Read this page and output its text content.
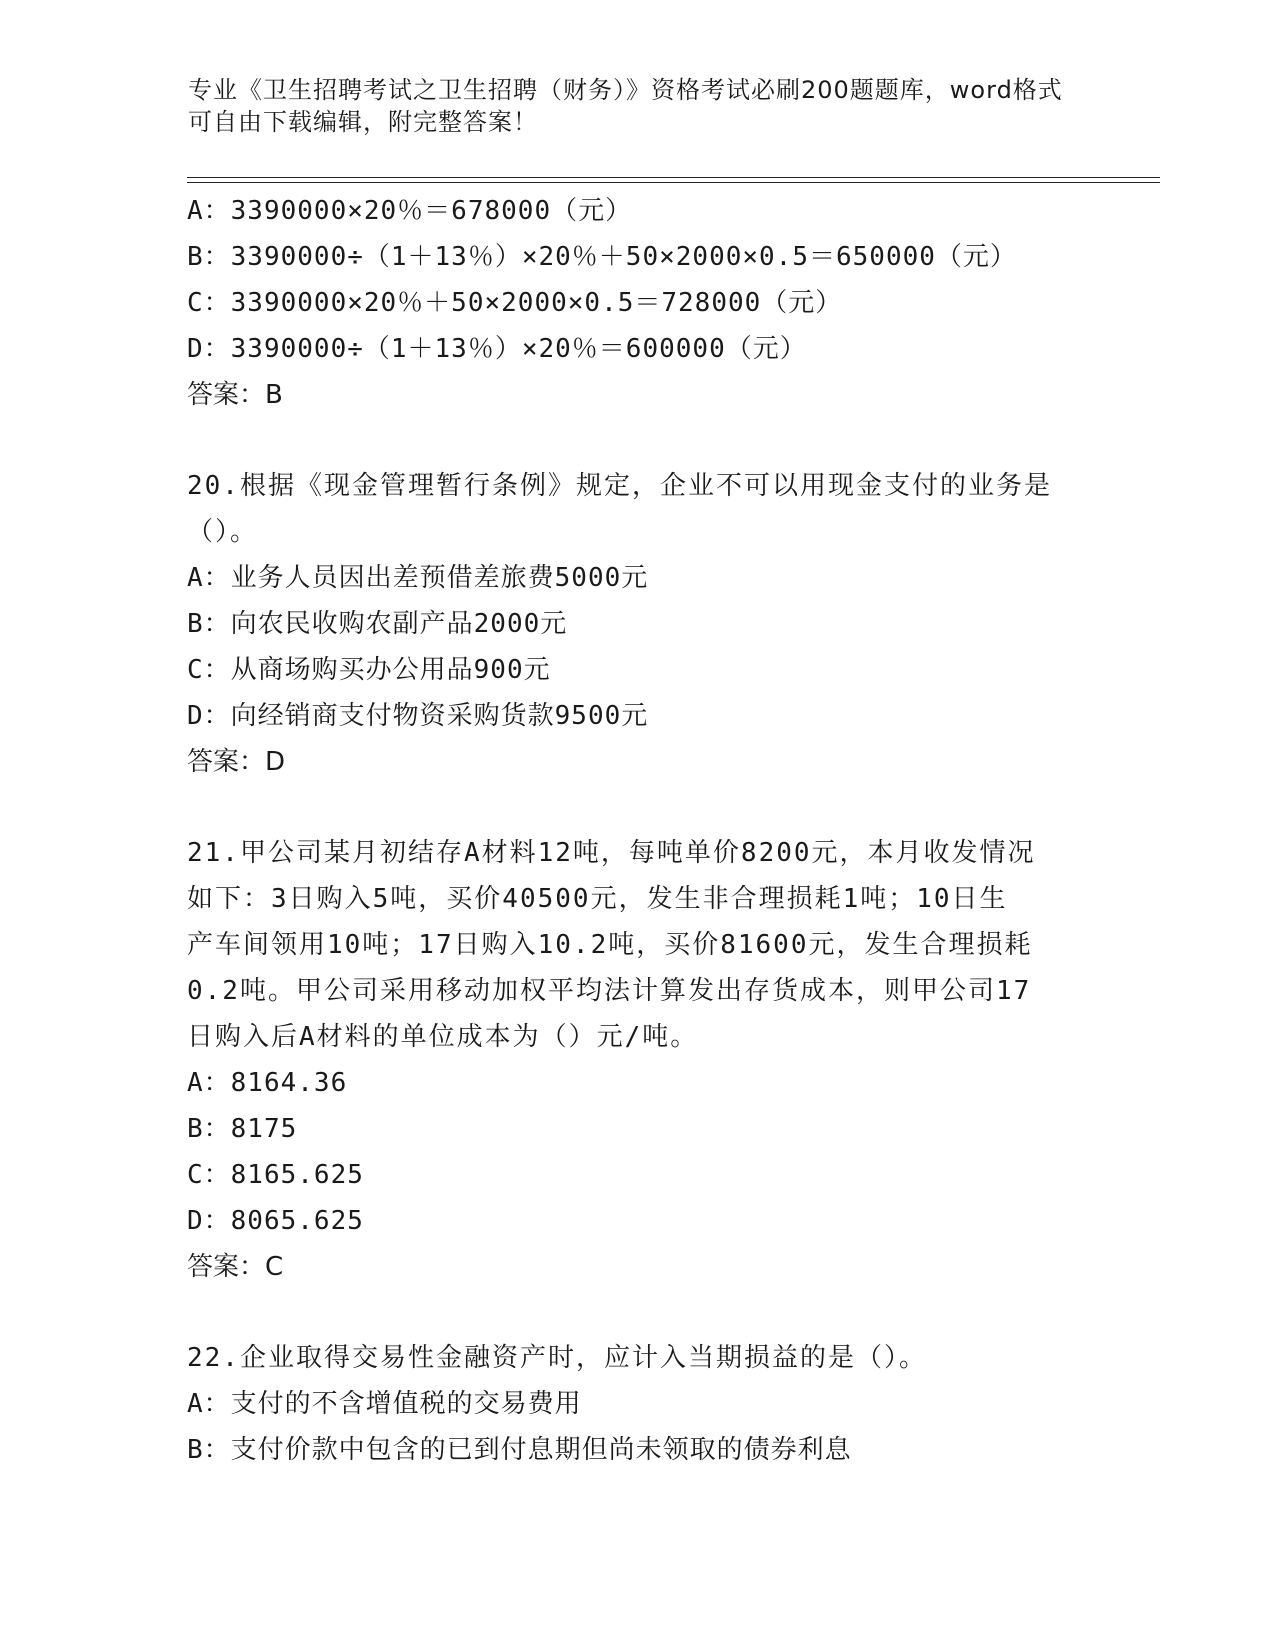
专业《卫生招聘考试之卫生招聘（财务）》资格考试必刷200题题库，word格式
可自由下载编辑，附完整答案！
A：3390000×20％＝678000（元）
B：3390000÷（1＋13％）×20％＋50×2000×0.5＝650000（元）
C：3390000×20％＋50×2000×0.5＝728000（元）
D：3390000÷（1＋13％）×20％＝600000（元）
答案：B
20.根据《现金管理暂行条例》规定，企业不可以用现金支付的业务是
（）。
A：业务人员因出差预借差旅费5000元
B：向农民收购农副产品2000元
C：从商场购买办公用品900元
D：向经销商支付物资采购货款9500元
答案：D
21.甲公司某月初结存A材料12吨，每吨单价8200元，本月收发情况
如下：3日购入5吨，买价40500元，发生非合理损耗1吨；10日生
产车间领用10吨；17日购入10.2吨，买价81600元，发生合理损耗
0.2吨。甲公司采用移动加权平均法计算发出存货成本，则甲公司17
日购入后A材料的单位成本为（）元/吨。
A：8164.36
B：8175
C：8165.625
D：8065.625
答案：C
22.企业取得交易性金融资产时，应计入当期损益的是（）。
A：支付的不含增值税的交易费用
B：支付价款中包含的已到付息期但尚未领取的债券利息
